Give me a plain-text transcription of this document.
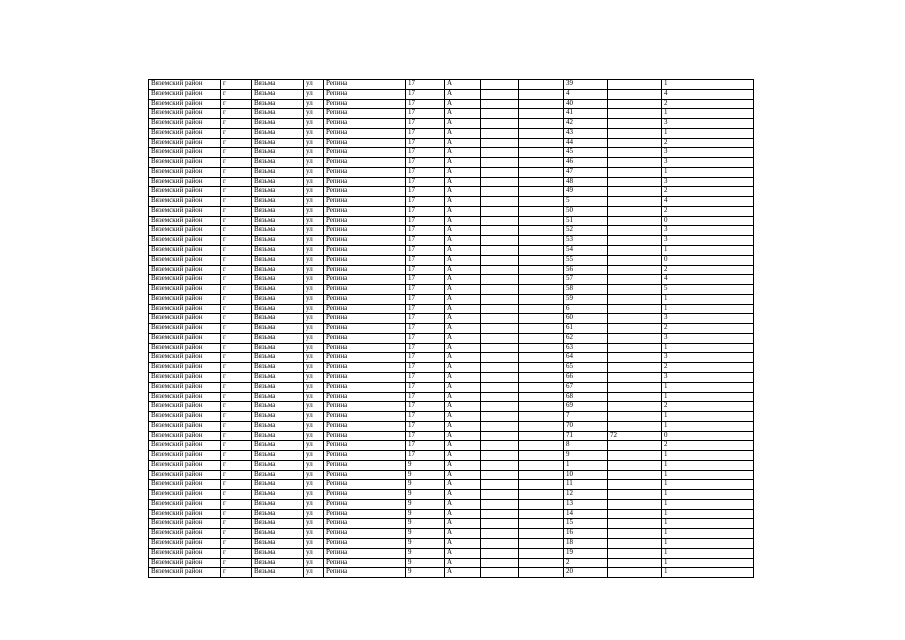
Вяземский район	г	Вязьма	ул	Репина	17	А			39		1
Вяземский район	г	Вязьма	ул	Репина	17	А			4		4
Вяземский район	г	Вязьма	ул	Репина	17	А			40		2
Вяземский район	г	Вязьма	ул	Репина	17	А			41		1
Вяземский район	г	Вязьма	ул	Репина	17	А			42		3
Вяземский район	г	Вязьма	ул	Репина	17	А			43		1
Вяземский район	г	Вязьма	ул	Репина	17	А			44		2
Вяземский район	г	Вязьма	ул	Репина	17	А			45		3
Вяземский район	г	Вязьма	ул	Репина	17	А			46		3
Вяземский район	г	Вязьма	ул	Репина	17	А			47		1
Вяземский район	г	Вязьма	ул	Репина	17	А			48		3
Вяземский район	г	Вязьма	ул	Репина	17	А			49		2
Вяземский район	г	Вязьма	ул	Репина	17	А			5		4
Вяземский район	г	Вязьма	ул	Репина	17	А			50		2
Вяземский район	г	Вязьма	ул	Репина	17	А			51		0
Вяземский район	г	Вязьма	ул	Репина	17	А			52		3
Вяземский район	г	Вязьма	ул	Репина	17	А			53		3
Вяземский район	г	Вязьма	ул	Репина	17	А			54		1
Вяземский район	г	Вязьма	ул	Репина	17	А			55		0
Вяземский район	г	Вязьма	ул	Репина	17	А			56		2
Вяземский район	г	Вязьма	ул	Репина	17	А			57		4
Вяземский район	г	Вязьма	ул	Репина	17	А			58		5
Вяземский район	г	Вязьма	ул	Репина	17	А			59		1
Вяземский район	г	Вязьма	ул	Репина	17	А			6		1
Вяземский район	г	Вязьма	ул	Репина	17	А			60		3
Вяземский район	г	Вязьма	ул	Репина	17	А			61		2
Вяземский район	г	Вязьма	ул	Репина	17	А			62		3
Вяземский район	г	Вязьма	ул	Репина	17	А			63		1
Вяземский район	г	Вязьма	ул	Репина	17	А			64		3
Вяземский район	г	Вязьма	ул	Репина	17	А			65		2
Вяземский район	г	Вязьма	ул	Репина	17	А			66		3
Вяземский район	г	Вязьма	ул	Репина	17	А			67		1
Вяземский район	г	Вязьма	ул	Репина	17	А			68		1
Вяземский район	г	Вязьма	ул	Репина	17	А			69		2
Вяземский район	г	Вязьма	ул	Репина	17	А			7		1
Вяземский район	г	Вязьма	ул	Репина	17	А			70		1
Вяземский район	г	Вязьма	ул	Репина	17	А			71	72	0
Вяземский район	г	Вязьма	ул	Репина	17	А			8		2
Вяземский район	г	Вязьма	ул	Репина	17	А			9		1
Вяземский район	г	Вязьма	ул	Репина	9	А			1		1
Вяземский район	г	Вязьма	ул	Репина	9	А			10		1
Вяземский район	г	Вязьма	ул	Репина	9	А			11		1
Вяземский район	г	Вязьма	ул	Репина	9	А			12		1
Вяземский район	г	Вязьма	ул	Репина	9	А			13		1
Вяземский район	г	Вязьма	ул	Репина	9	А			14		1
Вяземский район	г	Вязьма	ул	Репина	9	А			15		1
Вяземский район	г	Вязьма	ул	Репина	9	А			16		1
Вяземский район	г	Вязьма	ул	Репина	9	А			18		1
Вяземский район	г	Вязьма	ул	Репина	9	А			19		1
Вяземский район	г	Вязьма	ул	Репина	9	А			2		1
Вяземский район	г	Вязьма	ул	Репина	9	А			20		1
